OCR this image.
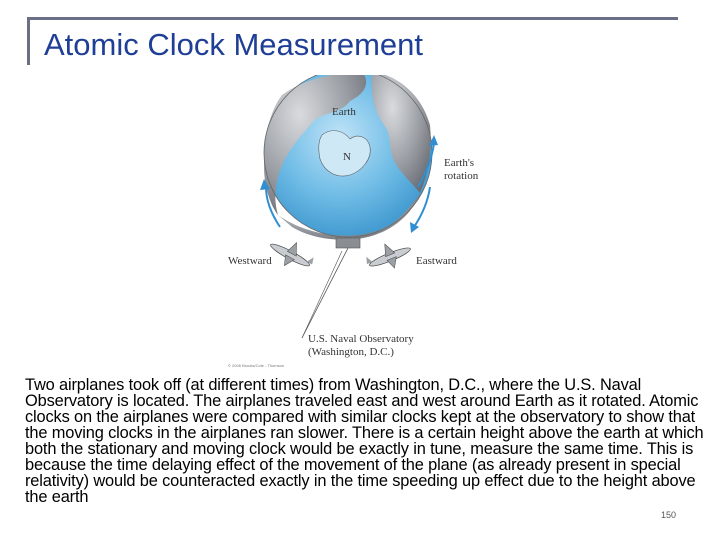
Atomic Clock Measurement
Earth
N	Earth's
rotation
Westward	Eastward
U.S. Naval Observatory
(Washington, D.C.)
© 2006 Brooks/Cole - Thomson

Two airplanes took off (at different times) from Washington, D.C., where the U.S. Naval Observatory is located. The airplanes traveled east and west around Earth as it rotated. Atomic clocks on the airplanes were compared with similar clocks kept at the observatory to show that the moving clocks in the airplanes ran slower. There is a certain height above the earth at which both the stationary and moving clock would be exactly in tune, measure the same time. This is because the time delaying effect of the movement of the plane (as already present in special relativity) would be counteracted exactly in the time speeding up effect due to the height above the earth

150
